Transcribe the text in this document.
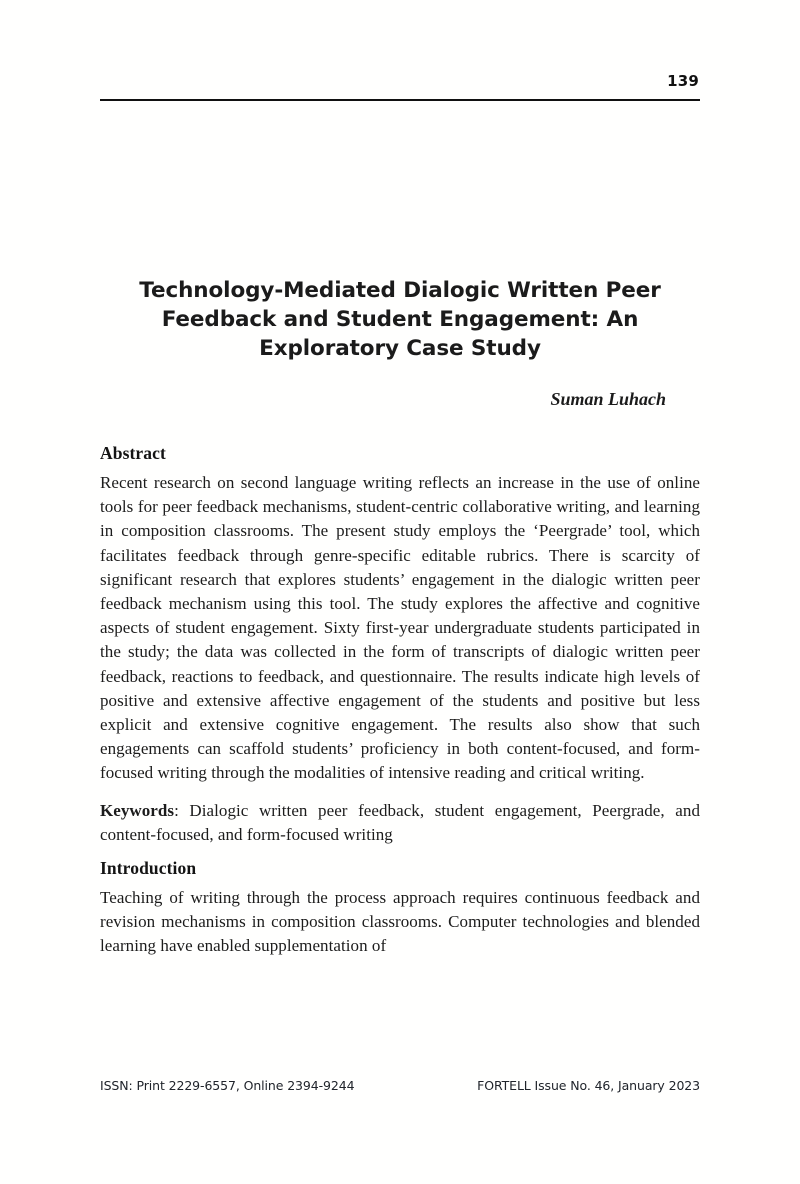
139
Technology-Mediated Dialogic Written Peer Feedback and Student Engagement: An Exploratory Case Study
Suman Luhach
Abstract

Recent research on second language writing reflects an increase in the use of online tools for peer feedback mechanisms, student-centric collaborative writing, and learning in composition classrooms. The present study employs the ‘Peergrade’ tool, which facilitates feedback through genre-specific editable rubrics. There is scarcity of significant research that explores students’ engagement in the dialogic written peer feedback mechanism using this tool. The study explores the affective and cognitive aspects of student engagement. Sixty first-year undergraduate students participated in the study; the data was collected in the form of transcripts of dialogic written peer feedback, reactions to feedback, and questionnaire. The results indicate high levels of positive and extensive affective engagement of the students and positive but less explicit and extensive cognitive engagement. The results also show that such engagements can scaffold students’ proficiency in both content-focused, and form-focused writing through the modalities of intensive reading and critical writing.

Keywords: Dialogic written peer feedback, student engagement, Peergrade, and content-focused, and form-focused writing

Introduction

Teaching of writing through the process approach requires continuous feedback and revision mechanisms in composition classrooms. Computer technologies and blended learning have enabled supplementation of

ISSN: Print 2229-6557, Online 2394-9244	FORTELL Issue No. 46, January 2023
